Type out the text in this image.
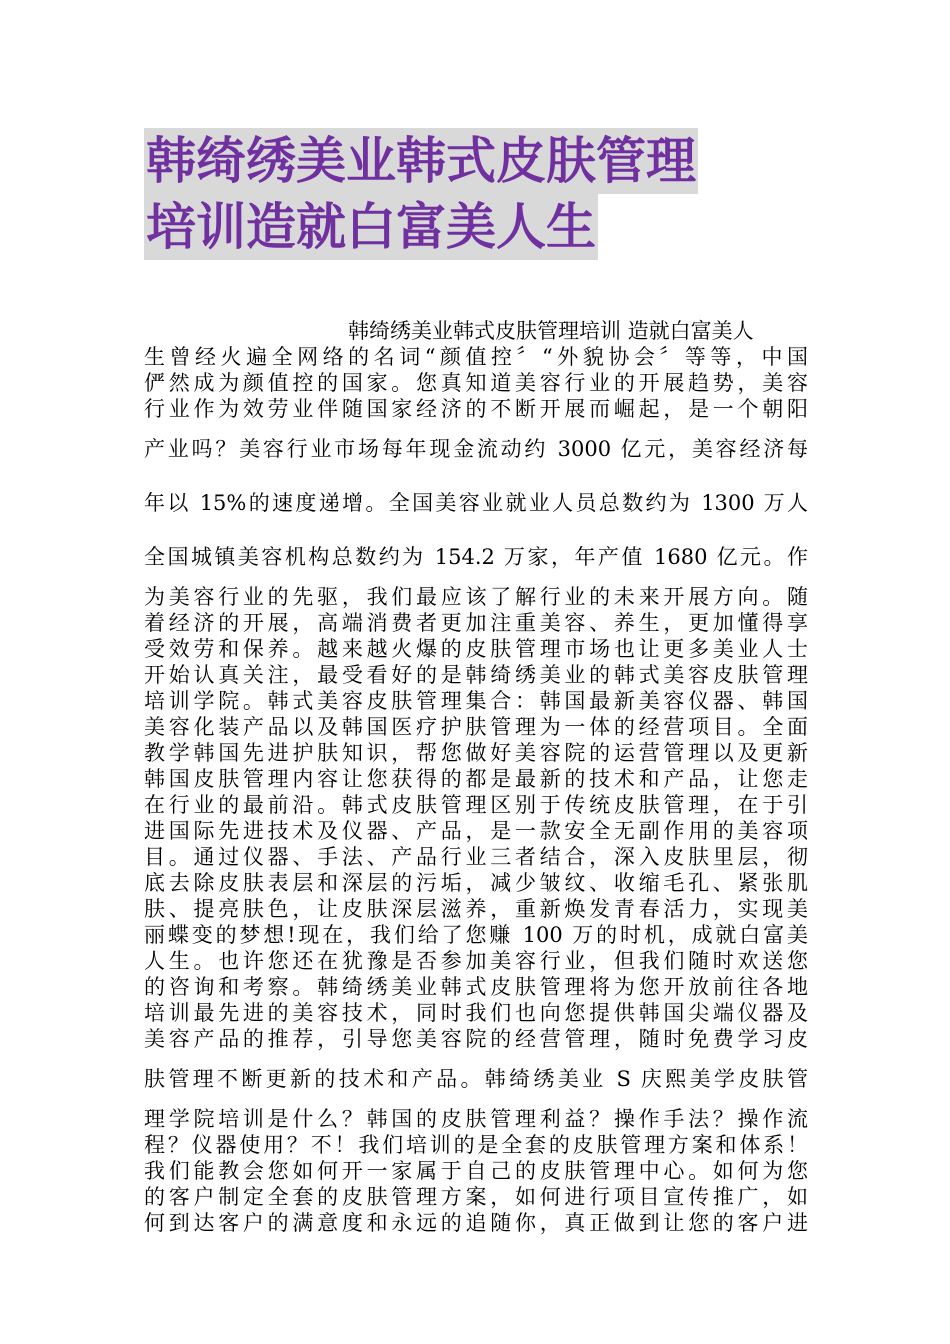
韩绮绣美业韩式皮肤管理
培训造就白富美人生
韩绮绣美业韩式皮肤管理培训 造就白富美人
生曾经火遍全网络的名词“颜值控〞“外貌协会〞等等，中国
俨然成为颜值控的国家。您真知道美容行业的开展趋势，美容
行业作为效劳业伴随国家经济的不断开展而崛起，是一个朝阳
产业吗？美容行业市场每年现金流动约 3000 亿元，美容经济每
年以 15%的速度递增。全国美容业就业人员总数约为 1300 万人
全国城镇美容机构总数约为 154.2 万家，年产值 1680 亿元。作
为美容行业的先驱，我们最应该了解行业的未来开展方向。随
着经济的开展，高端消费者更加注重美容、养生，更加懂得享
受效劳和保养。越来越火爆的皮肤管理市场也让更多美业人士
开始认真关注，最受看好的是韩绮绣美业的韩式美容皮肤管理
培训学院。韩式美容皮肤管理集合：韩国最新美容仪器、韩国
美容化装产品以及韩国医疗护肤管理为一体的经营项目。全面
教学韩国先进护肤知识，帮您做好美容院的运营管理以及更新
韩国皮肤管理内容让您获得的都是最新的技术和产品，让您走
在行业的最前沿。韩式皮肤管理区别于传统皮肤管理，在于引
进国际先进技术及仪器、产品，是一款安全无副作用的美容项
目。通过仪器、手法、产品行业三者结合，深入皮肤里层，彻
底去除皮肤表层和深层的污垢，减少皱纹、收缩毛孔、紧张肌
肤、提亮肤色，让皮肤深层滋养，重新焕发青春活力，实现美
丽蝶变的梦想!现在，我们给了您赚 100 万的时机，成就白富美
人生。也许您还在犹豫是否参加美容行业，但我们随时欢送您
的咨询和考察。韩绮绣美业韩式皮肤管理将为您开放前往各地
培训最先进的美容技术，同时我们也向您提供韩国尖端仪器及
美容产品的推荐，引导您美容院的经营管理，随时免费学习皮
肤管理不断更新的技术和产品。韩绮绣美业 S 庆熙美学皮肤管
理学院培训是什么？韩国的皮肤管理利益？操作手法？操作流
程？仪器使用？不！我们培训的是全套的皮肤管理方案和体系！
我们能教会您如何开一家属于自己的皮肤管理中心。如何为您
的客户制定全套的皮肤管理方案，如何进行项目宣传推广，如
何到达客户的满意度和永远的追随你，真正做到让您的客户进
